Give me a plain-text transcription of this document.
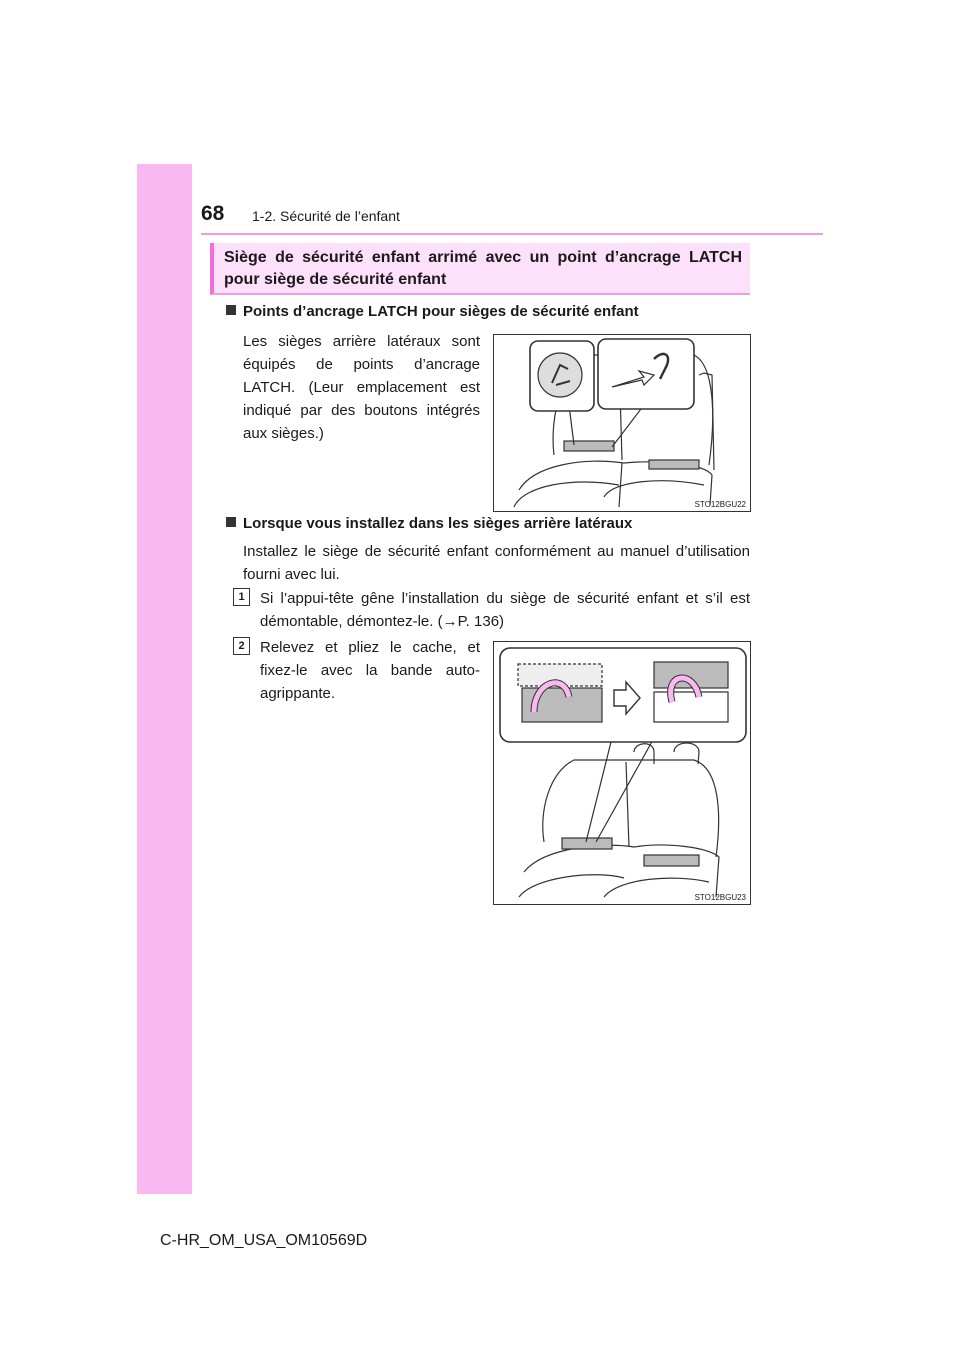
68 1-2. Sécurité de l’enfant
Siège de sécurité enfant arrimé avec un point d’ancrage LATCH pour siège de sécurité enfant
Points d’ancrage LATCH pour sièges de sécurité enfant
Les sièges arrière latéraux sont équipés de points d’ancrage LATCH. (Leur emplacement est indiqué par des boutons intégrés aux sièges.)
STO12BGU22
Lorsque vous installez dans les sièges arrière latéraux
Installez le siège de sécurité enfant conformément au manuel d’utilisation fourni avec lui.
1	Si l’appui-tête gêne l’installation du siège de sécurité enfant et s’il est démontable, démontez-le. (→P. 136)
2	Relevez et pliez le cache, et fixez-le avec la bande auto-agrippante.
STO12BGU23
C-HR_OM_USA_OM10569D
